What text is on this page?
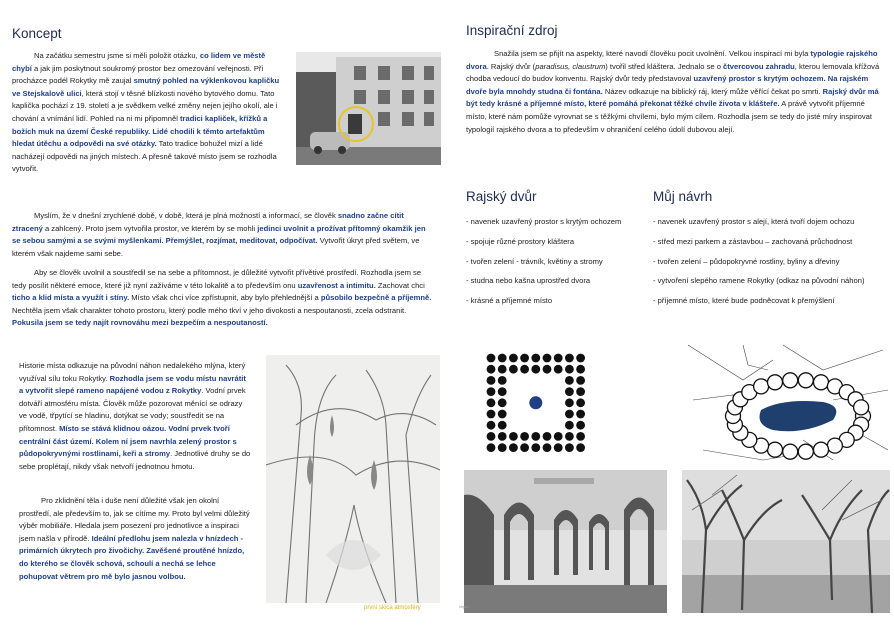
Koncept
Na začátku semestru jsme si měli položit otázku, co lidem ve městě chybí a jak jim poskytnout soukromý prostor bez omezování veřejnosti. Při procházce podél Rokytky mě zaujal smutný pohled na výklenkovou kapličku ve Stejskalově ulici, která stojí v těsné blízkosti nového bytového domu. Tato kaplička pochází z 19. století a je svědkem velké změny nejen jejího okolí, ale i chování a vnímání lidí. Pohled na ni mi připomněl tradici kapliček, křížků a božích muk na území České republiky. Lidé chodili k těmto artefaktům hledat útěchu a odpovědi na své otázky. Tato tradice bohužel mizí a lidé nacházejí odpovědi na jiných místech. A přesně takové místo jsem se rozhodla vytvořit.
Myslím, že v dnešní zrychlené době, v době, která je plná možností a informací, se člověk snadno začne cítit ztracený a zahlcený. Proto jsem vytvořila prostor, ve kterém by se mohli jedinci uvolnit a prožívat přítomný okamžik jen se sebou samými a se svými myšlenkami. Přemýšlet, rozjímat, meditovat, odpočívat. Vytvořit úkryt před světem, ve kterém však najdeme sami sebe.
Aby se člověk uvolnil a soustředil se na sebe a přítomnost, je důležité vytvořit přívětivé prostředí. Rozhodla jsem se tedy posílit některé emoce, které již nyní zažíváme v této lokalitě a to především onu uzavřenost a intimitu. Zachovat chci ticho a klid místa a využít i stíny. Místo však chci více zpřístupnit, aby bylo přehlednější a působilo bezpečně a příjemně. Nechtěla jsem však charakter tohoto prostoru, který podle mého tkví v jeho divokosti a nespoutanosti, zcela odstranit. Pokusila jsem se tedy najít rovnováhu mezi bezpečím a nespoutaností.
Historie místa odkazuje na původní náhon nedalekého mlýna, který využíval sílu toku Rokytky. Rozhodla jsem se vodu místu navrátit a vytvořit slepé rameno napájené vodou z Rokytky. Vodní prvek dotváří atmosféru místa. Člověk může pozorovat měnící se odrazy ve vodě, třpytící se hladinu, dotýkat se vody; soustředit se na přítomnost. Místo se stává klidnou oázou. Vodní prvek tvoří centrální část území. Kolem ní jsem navrhla zelený prostor s půdopokryvnými rostlinami, keři a stromy. Jednotlivé druhy se do sebe proplétají, nikdy však netvoří jednotnou hmotu.
Pro zklidnění těla i duše není důležité však jen okolní prostředí, ale především to, jak se cítíme my. Proto byl velmi důležitý výběr mobiliáře. Hledala jsem posezení pro jednotlivce a inspiraci jsem našla v přírodě. Ideální předlohu jsem nalezla v hnízdech - primárních úkrytech pro živočichy. Zavěšené proutěné hnízdo, do kterého se člověk schová, schoulí a nechá se lehce pohupovat větrem pro mě bylo jasnou volbou.
první skica atmosféry
Inspirační zdroj
Snažila jsem se přijít na aspekty, které navodí člověku pocit uvolnění. Velkou inspirací mi byla typologie rajského dvora. Rajský dvůr (paradisus, claustrum) tvořil střed kláštera. Jednalo se o čtvercovou zahradu, kterou lemovala křížová chodba vedoucí do budov konventu. Rajský dvůr tedy představoval uzavřený prostor s krytým ochozem. Na rajském dvoře byla mnohdy studna či fontána. Název odkazuje na biblický ráj, který může věřící čekat po smrti. Rajský dvůr má být tedy krásné a příjemné místo, které pomáhá překonat těžké chvíle života v klášteře. A právě vytvořit příjemné místo, které nám pomůže vyrovnat se s těžkými chvílemi, bylo mým cílem. Rozhodla jsem se tedy do jisté míry inspirovat typologií rajského dvora a to především v ohraničení celého údolí dubovou alejí.
Rajský dvůr
- navenek uzavřený prostor s krytým ochozem
- spojuje různé prostory kláštera
- tvořen zelení - trávník, květiny a stromy
- studna nebo kašna uprostřed dvora
- krásné a příjemné místo
Můj návrh
- navenek uzavřený prostor s alejí, která tvoří dojem ochozu
- střed mezi parkem a zástavbou – zachovaná průchodnost
- tvořen zelení – půdopokryvné rostliny, byliny a dřeviny
- vytvoření slepého ramene Rokytky (odkaz na původní náhon)
- příjemné místo, které bude podněcovat k přemýšlení
https://...
